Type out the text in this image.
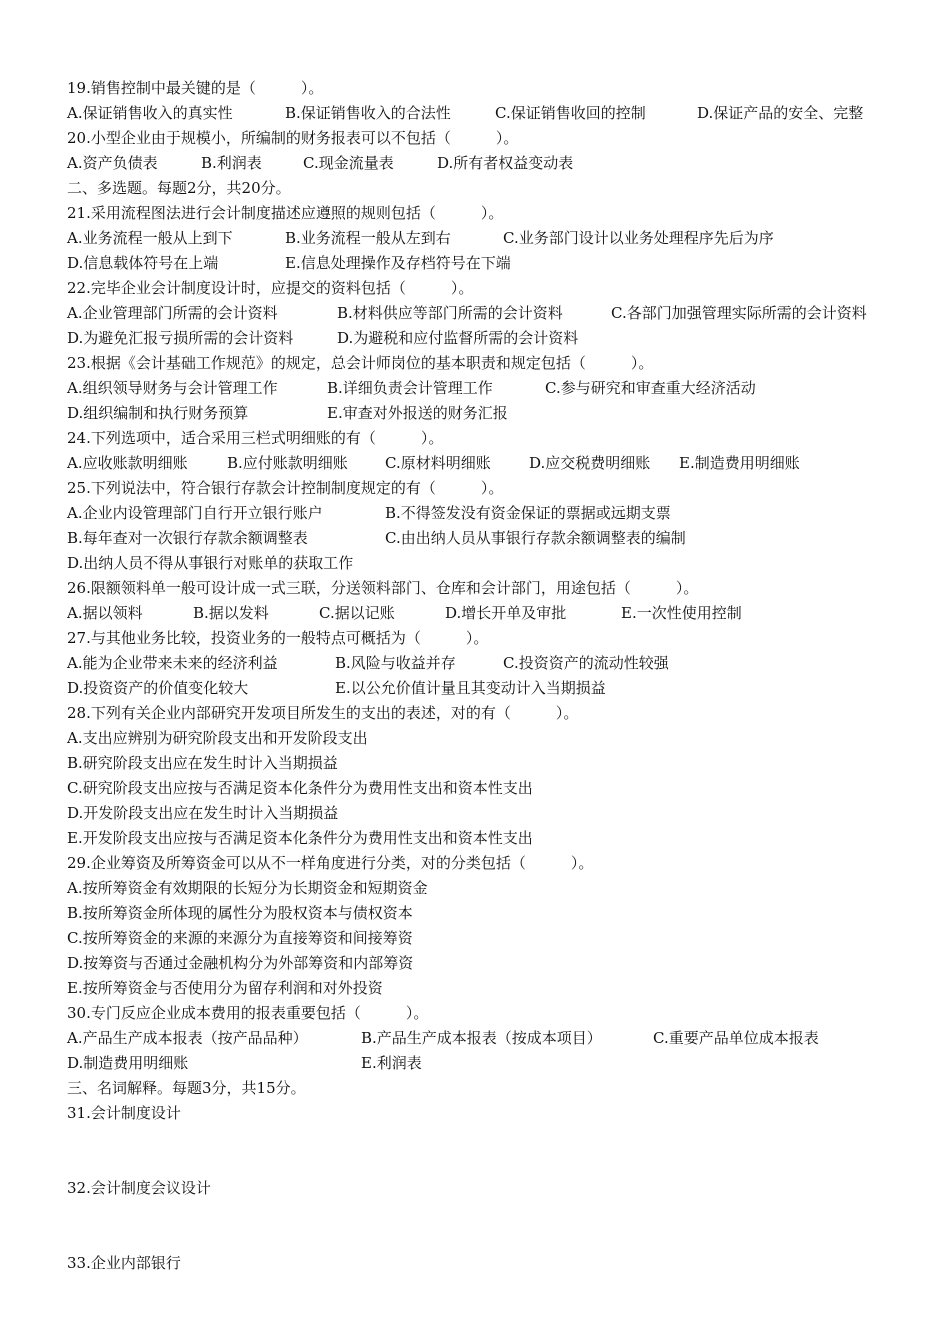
19.销售控制中最关键的是（　　　）。
A.保证销售收入的真实性	B.保证销售收入的合法性	C.保证销售收回的控制	D.保证产品的安全、完整
20.小型企业由于规模小，所编制的财务报表可以不包括（　　　）。
A.资产负债表	B.利润表	C.现金流量表	D.所有者权益变动表
二、多选题。每题2分，共20分。
21.采用流程图法进行会计制度描述应遵照的规则包括（　　　）。
A.业务流程一般从上到下	B.业务流程一般从左到右	C.业务部门设计以业务处理程序先后为序
D.信息载体符号在上端	E.信息处理操作及存档符号在下端
22.完毕企业会计制度设计时，应提交的资料包括（　　　）。
A.企业管理部门所需的会计资料	B.材料供应等部门所需的会计资料	C.各部门加强管理实际所需的会计资料
D.为避免汇报亏损所需的会计资料	D.为避税和应付监督所需的会计资料
23.根据《会计基础工作规范》的规定，总会计师岗位的基本职责和规定包括（　　　）。
A.组织领导财务与会计管理工作	B.详细负责会计管理工作	C.参与研究和审查重大经济活动
D.组织编制和执行财务预算	E.审查对外报送的财务汇报
24.下列选项中，适合采用三栏式明细账的有（　　　）。
A.应收账款明细账	B.应付账款明细账 C.原材料明细账	D.应交税费明细账 E.制造费用明细账
25.下列说法中，符合银行存款会计控制制度规定的有（　　　）。
A.企业内设管理部门自行开立银行账户	B.不得签发没有资金保证的票据或远期支票
B.每年查对一次银行存款余额调整表	C.由出纳人员从事银行存款余额调整表的编制
D.出纳人员不得从事银行对账单的获取工作
26.限额领料单一般可设计成一式三联，分送领料部门、仓库和会计部门，用途包括（　　　）。
A.据以领料	B.据以发料	C.据以记账	D.增长开单及审批	E.一次性使用控制
27.与其他业务比较，投资业务的一般特点可概括为（　　　）。
A.能为企业带来未来的经济利益	B.风险与收益并存	C.投资资产的流动性较强
D.投资资产的价值变化较大	E.以公允价值计量且其变动计入当期损益
28.下列有关企业内部研究开发项目所发生的支出的表述，对的有（　　　）。
A.支出应辨别为研究阶段支出和开发阶段支出
B.研究阶段支出应在发生时计入当期损益
C.研究阶段支出应按与否满足资本化条件分为费用性支出和资本性支出
D.开发阶段支出应在发生时计入当期损益
E.开发阶段支出应按与否满足资本化条件分为费用性支出和资本性支出
29.企业筹资及所筹资金可以从不一样角度进行分类，对的分类包括（　　　）。
A.按所筹资金有效期限的长短分为长期资金和短期资金
B.按所筹资金所体现的属性分为股权资本与债权资本
C.按所筹资金的来源的来源分为直接筹资和间接筹资
D.按筹资与否通过金融机构分为外部筹资和内部筹资
E.按所筹资金与否使用分为留存利润和对外投资
30.专门反应企业成本费用的报表重要包括（　　　）。
A.产品生产成本报表（按产品品种）	B.产品生产成本报表（按成本项目）	C.重要产品单位成本报表
D.制造费用明细账	E.利润表
三、名词解释。每题3分，共15分。
31.会计制度设计
32.会计制度会议设计
33.企业内部银行
